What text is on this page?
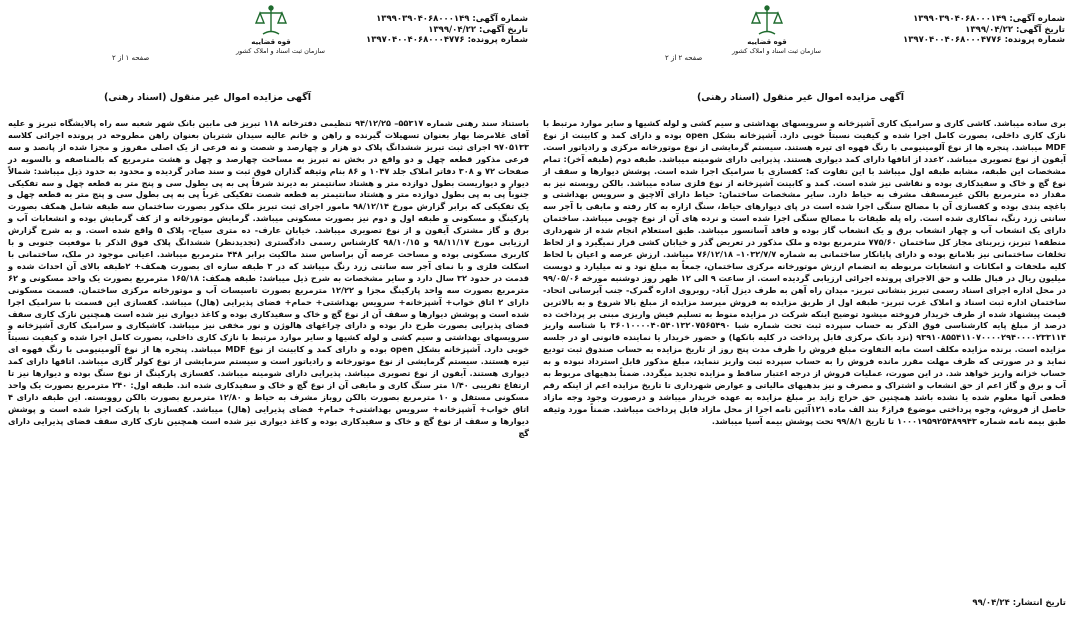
شماره آگهی: ۱۳۹۹۰۳۹۰۴۰۶۸۰۰۰۱۴۹
تاریخ آگهی: ۱۳۹۹/۰۴/۲۲
شماره پرونده: ۱۳۹۷۰۴۰۰۴۰۶۸۰۰۰۴۷۷۶
قوه قضاییه
سازمان ثبت اسناد و املاک کشور
صفحه ۱ از ۲
آگهی مزایده اموال غیر منقول (اسناد رهنی)
باستناد سند رهنی شماره ۵۵۳۱۷– ۹۴/۱۲/۲۵ تنظیمی دفترخانه ۱۱۸ تبریز فی مابین بانک شهر شعبه سه راه پالایشگاه تبریز و علیه آقای غلامرضا بهار بعنوان تسهیلات گیرنده و راهن و خانم عالیه سیدان شتربان بعنوان راهن مطروحه در پرونده اجرائی کلاسه ۹۷۰۵۱۳۳ اجرای ثبت تبریز ششدانگ پلاک دو هزار و چهارصد و شصت و نه فرعی از یک اصلی مفروز و مجزا شده از پانصد و سه فرعی مذکور قطعه چهل و دو واقع در بخش نه تبریز به مساحت چهارصد و چهل و هشت مترمربع که بالمناصفه و بالسویه در صفحات ۷۲ و ۳۰۸ دفاتر املاک جلد ۱۰۴۷ و ۸۶ بنام وثیقه گذاران فوق ثبت و سند صادر گردیده و محدود به حدود ذیل میباشد: شمالاً دیوار و دیواریست بطول دوازده متر و هشتاد سانتیمتر به دیرند شرقاً پی به پی بطول سی و پنج متر به قطعه چهل و سه تفکیکی جنوباً پی به پی بطول دوازده متر و هشتاد سانتیمتر به قطعه شصت تفکیکی غرباً پی به پی بطول سی و پنج متر به قطعه چهل و یک تفکیکی که برابر گزارش مورخ ۹۸/۱۲/۱۴ مامور اجرای ثبت تبریز ملک مذکور بصورت ساختمان سه طبقه شامل همکف بصورت پارکینگ و مسکونی و طبقه اول و دوم نیز بصورت مسکونی میباشد. گرمایش موتورخانه و از کف گرمایش بوده و انشعابات آب و برق و گاز مشترک آیفون و از نوع تصویری میباشد. خیابان عارف- ده متری سیاح- پلاک ۵ واقع شده است. و به شرح گزارش ارزیابی مورخ ۹۸/۱۱/۱۷ و ۹۸/۱۰/۱۵ کارشناس رسمی دادگستری (تجدیدنظر) ششدانگ پلاک فوق الذکر با موقعیت جنوبی و با کاربری مسکونی بوده و مساحت عرصه آن براساس سند مالکیت برابر ۴۴۸ مترمربع میباشد. اعیانی موجود در ملک، ساختمانی با اسکلت فلزی و با نمای آجر سه سانتی زرد رنگ میباشد که در ۳ طبقه سازه ای بصورت همکف+ ۲طبقه بالای آن احداث شده و قدمت در حدود ۳۲ سال دارد و سایر مشخصات به شرح ذیل میباشد: طبقه همکف: ۱۶۵/۱۸ مترمربع بصورت یک واحد مسکونی و ۶۲ مترمربع بصورت سه واحد پارکینگ مجزا و ۱۲/۲۲ مترمربع بصورت تاسیسات آب و موتورخانه مرکزی ساختمان. قسمت مسکونی دارای ۲ اتاق خواب+ آشپزخانه+ سرویس بهداشتی+ حمام+ فضای پذیرایی (هال) میباشد. کفسازی این قسمت با سرامیک اجرا شده است و پوشش دیوارها و سقف آن از نوع گچ و خاک و سفیدکاری بوده و کاغذ دیواری نیز شده است همچنین نازک کاری سقف فضای پذیرایی بصورت طرح دار بوده و دارای چراغهای هالوژن و نور مخفی نیز میباشد. کاشیکاری و سرامیک کاری آشپزخانه و سرویسهای بهداشتی و سیم کشی و لوله کشیها و سایر موارد مرتبط با نازک کاری داخلی، بصورت کامل اجرا شده و کیفیت نسبتاً خوبی دارد. آشپزخانه بشکل open بوده و دارای کمد و کابینت از نوع MDF میباشد. پنجره ها از نوع آلومینیومی با رنگ قهوه ای تیره هستند. سیستم گرمایشی از نوع موتورخانه و رادیاتور است و سیستم سرمایشی از نوع کولر گازی میباشد. اتاقها دارای کمد دیواری هستند. آیفون از نوع تصویری میباشد. پذیرایی دارای شومینه میباشد. کفسازی پارکینگ از نوع سنگ بوده و دیوارها نیز تا ارتفاع تقریبی ۱/۴۰ متر سنگ کاری و مابقی آن از نوع گچ و خاک و سفیدکاری شده اند. طبقه اول: ۲۴۰ مترمربع بصورت یک واحد مسکونی مستقل و ۱۰ مترمربع بصورت بالکن روباز مشرف به حیاط و ۱۲/۸۰ مترمربع بصورت بالکن رووبسته. این طبقه دارای ۴ اتاق خواب+ آشپزخانه+ سرویس بهداشتی+ حمام+ فضای پذیرایی (هال) میباشد. کفسازی با پارکت اجرا شده است و پوشش دیوارها و سقف از نوع گچ و خاک و سفیدکاری بوده و کاغذ دیواری نیز شده است همچنین نازک کاری سقف فضای پذیرایی دارای گچ
شماره آگهی: ۱۳۹۹۰۳۹۰۴۰۶۸۰۰۰۱۴۹
تاریخ آگهی: ۱۳۹۹/۰۴/۲۲
شماره پرونده: ۱۳۹۷۰۴۰۰۴۰۶۸۰۰۰۴۷۷۶
قوه قضاییه
سازمان ثبت اسناد و املاک کشور
صفحه ۲ از ۲
آگهی مزایده اموال غیر منقول (اسناد رهنی)
بری ساده میباشد. کاشی کاری و سرامیک کاری آشپزخانه و سرویسهای بهداشتی و سیم کشی و لوله کشیها و سایر موارد مرتبط با نازک کاری داخلی، بصورت کامل اجرا شده و کیفیت نسبتاً خوبی دارد. آشپزخانه بشکل open بوده و دارای کمد و کابینت از نوع MDF میباشد. پنجره ها از نوع آلومینیومی با رنگ قهوه ای تیره هستند. سیستم گرمایشی از نوع موتورخانه مرکزی و رادیاتور است. آیفون از نوع تصویری میباشد. ۲عدد از اتاقها دارای کمد دیواری هستند. پذیرایی دارای شومینه میباشد. طبقه دوم (طبقه آخر): تمام مشخصات این طبقه، مشابه طبقه اول میباشد با این تفاوت که: کفسازی با سرامیک اجرا شده است. پوشش دیوارها و سقف از نوع گچ و خاک و سفیدکاری بوده و نقاشی نیز شده است. کمد و کابینت آشپزخانه از نوع فلزی ساده میباشد. بالکن روبسته نیز به مقدار ده مترمربع بالکن غیرمسقف مشرف به حیاط دارد. سایر مشخصات ساختمان: حیاط دارای آلاچیق و سرویس بهداشتی و باغچه بندی بوده و کفسازی آن با مصالح سنگی اجرا شده است در پای دیوارهای حیاط، سنگ ازاره به کار رفته و مابقی با آجر سه سانتی زرد رنگ، نماکاری شده است. راه پله طبقات با مصالح سنگی اجرا شده است و نرده های آن از نوع چوبی میباشد. ساختمان دارای یک انشعاب آب و چهار انشعاب برق و یک انشعاب گاز بوده و فاقد آسانسور میباشد. طبق استعلام انجام شده از شهرداری منطقه۱ تبریز، زیربنای مجاز کل ساختمان ۷۷۵/۶۰ مترمربع بوده و ملک مذکور در تعریض گذر و خیابان کشی قرار نمیگیرد و از لحاظ تخلفات ساختمانی نیز بلامانع بوده و دارای پایانکار ساختمانی به شماره ۱۰۳۲/۷/۷– ۷۶/۱۲/۱۸ میباشد. ارزش عرصه و اعیان با لحاظ کلیه ملحقات و امکانات و انشعابات مربوطه به انضمام ارزش موتورخانه مرکزی ساختمان، جمعاً به مبلغ نود و نه میلیارد و دویست میلیون ریال در قبال طلب و حق الاجرای پرونده اجرائی ارزیابی گردیده است. از ساعت ۹ الی ۱۲ ظهر روز دوشنبه مورخه ۹۹/۰۵/۰۶ در محل اداره اجرای اسناد رسمی تبریز بنشانی تبریز- میدان راه آهن به طرف دیزل آباد- روبروی اداره گمرک- جنب آبرسانی اتحاد- ساختمان اداره ثبت اسناد و املاک غرب تبریز- طبقه اول از طریق مزایده به فروش میرسد مزایده از مبلغ بالا شروع و به بالاترین قیمت پیشنهاد شده از طرف خریدار فروخته میشود توضیح اینکه شرکت در مزایده منوط به تسلیم فیش واریزی مبنی بر پرداخت ده درصد از مبلغ پایه کارشناسی فوق الذکر به حساب سپرده ثبت تحت شماره شبا ۳۶۰۱۰۰۰۰۴۰۵۴۰۱۳۲۰۷۵۶۵۴۹۰ با شناسه واریز ۹۳۹۱۰۸۵۵۴۱۱۰۷۰۰۰۰۲۹۴۰۰۰۰۲۳۳۱۱۴ (نزد بانک مرکزی قابل پرداخت در کلیه بانکها) و حضور خریدار یا نماینده قانونی او در جلسه مزایده است. برنده مزایده مکلف است مابه التفاوت مبلغ فروش را ظرف مدت پنج روز از تاریخ مزایده به حساب صندوق ثبت تودیع نماید و در صورتی که ظرف مهلت مقرر مانده فروش را به حساب سپرده ثبت واریز ننماید، مبلغ مذکور قابل استرداد نبوده و به حساب خزانه واریز خواهد شد. در این صورت، عملیات فروش از درجه اعتبار ساقط و مزایده تجدید میگردد. ضمناً بدهیهای مربوط به آب و برق و گاز اعم از حق انشعاب و اشتراک و مصرف و نیز بدهیهای مالیاتی و عوارض شهرداری تا تاریخ مزایده اعم از اینکه رقم قطعی آنها معلوم شده یا نشده باشد همچنین حق حراج زاید بر مبلغ مزایده به عهده خریدار میباشد و درصورت وجود وجه مازاد حاصل از فروش، وجوه پرداختی موضوع فراز۶ بند الف ماده ۱۲۱آئین نامه اجرا از محل مازاد قابل پرداخت میباشد. ضمناً مورد وثیقه طبق بیمه نامه شماره ۱۰۰۰۱۹۵۹۲۵۴۸۹۹۴۳ تا تاریخ ۹۹/۸/۱ تحت پوشش بیمه آسیا میباشد.
تاریخ انتشار: ۹۹/۰۴/۲۴
